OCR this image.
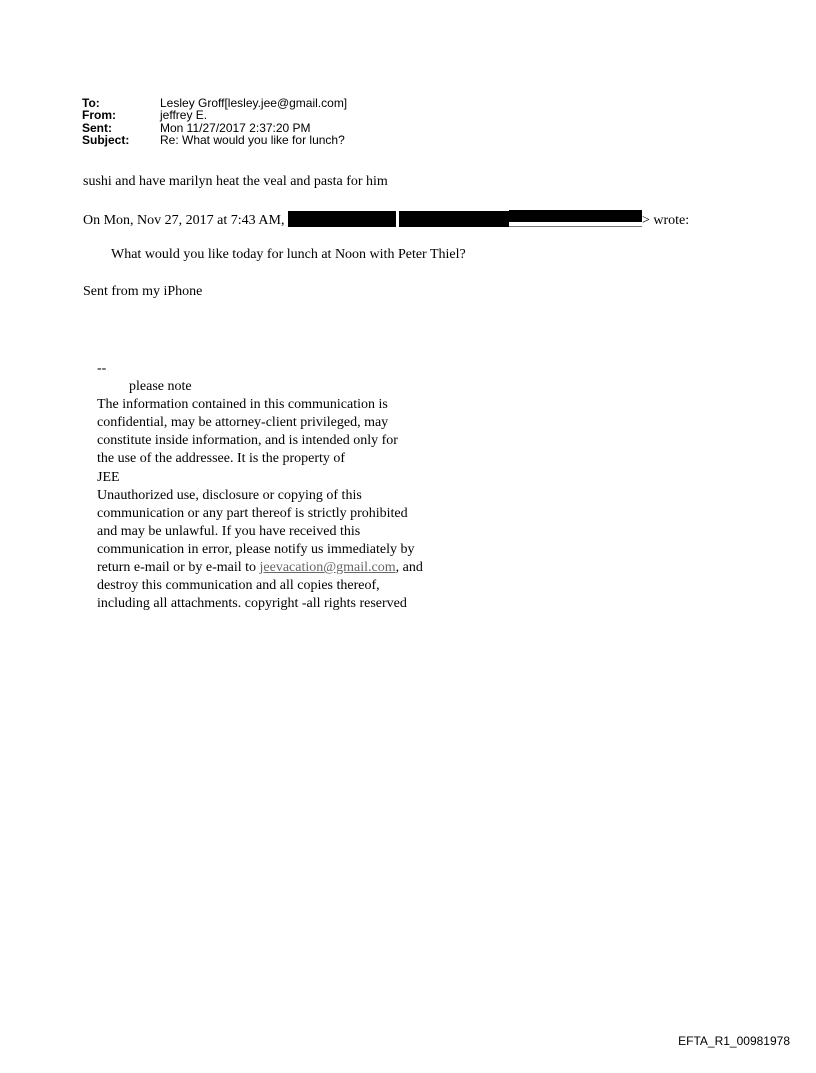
To:	Lesley Groff[lesley.jee@gmail.com]
From:	jeffrey E.
Sent:	Mon 11/27/2017 2:37:20 PM
Subject:	Re: What would you like for lunch?
sushi and have marilyn heat the veal and pasta for him
On Mon, Nov 27, 2017 at 7:43 AM,	> wrote:
What would you like today for lunch at Noon with Peter Thiel?
Sent from my iPhone
--
please note
The information contained in this communication is
confidential, may be attorney-client privileged, may
constitute inside information, and is intended only for
the use of the addressee. It is the property of
JEE
Unauthorized use, disclosure or copying of this
communication or any part thereof is strictly prohibited
and may be unlawful. If you have received this
communication in error, please notify us immediately by
return e-mail or by e-mail to jeevacation@gmail.com, and
destroy this communication and all copies thereof,
including all attachments. copyright -all rights reserved
EFTA_R1_00981978
